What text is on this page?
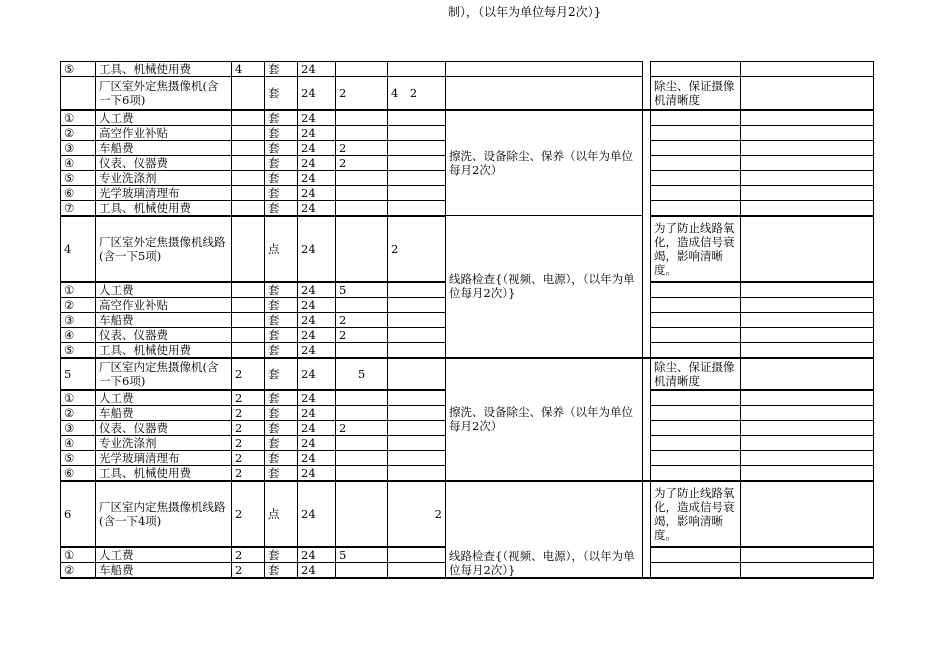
制），（以年为单位每月2次）}
⑤	工具、机械使用费	4	套	24						
	厂区室外定焦摄像机(含一下6项)		套	24	2	4　2			除尘、保证摄像机清晰度	
①	人工费		套	24			擦洗、设备除尘、保养（以年为单位每月2次）			
②	高空作业补贴		套	24						
③	车船费		套	24	2					
④	仪表、仪器费		套	24	2					
⑤	专业洗涤剂		套	24						
⑥	光学玻璃清理布		套	24						
⑦	工具、机械使用费		套	24						
4	厂区室外定焦摄像机线路(含一下5项)		点	24		2	线路检查{（视频、电源），（以年为单位每月2次）}		为了防止线路氧化，造成信号衰竭，影响清晰度。	
①	人工费		套	24	5					
②	高空作业补贴		套	24						
③	车船费		套	24	2					
④	仪表、仪器费		套	24	2					
⑤	工具、机械使用费		套	24						
5	厂区室内定焦摄像机(含一下6项)	2	套	24	5		擦洗、设备除尘、保养（以年为单位每月2次）		除尘、保证摄像机清晰度	
①	人工费	2	套	24						
②	车船费	2	套	24						
③	仪表、仪器费	2	套	24	2					
④	专业洗涤剂	2	套	24						
⑤	光学玻璃清理布	2	套	24						
⑥	工具、机械使用费	2	套	24						
6	厂区室内定焦摄像机线路(含一下4项)	2	点	24		2	线路检查{（视频、电源），（以年为单位每月2次）}		为了防止线路氧化，造成信号衰竭，影响清晰度。	
①	人工费	2	套	24	5					
②	车船费	2	套	24						
